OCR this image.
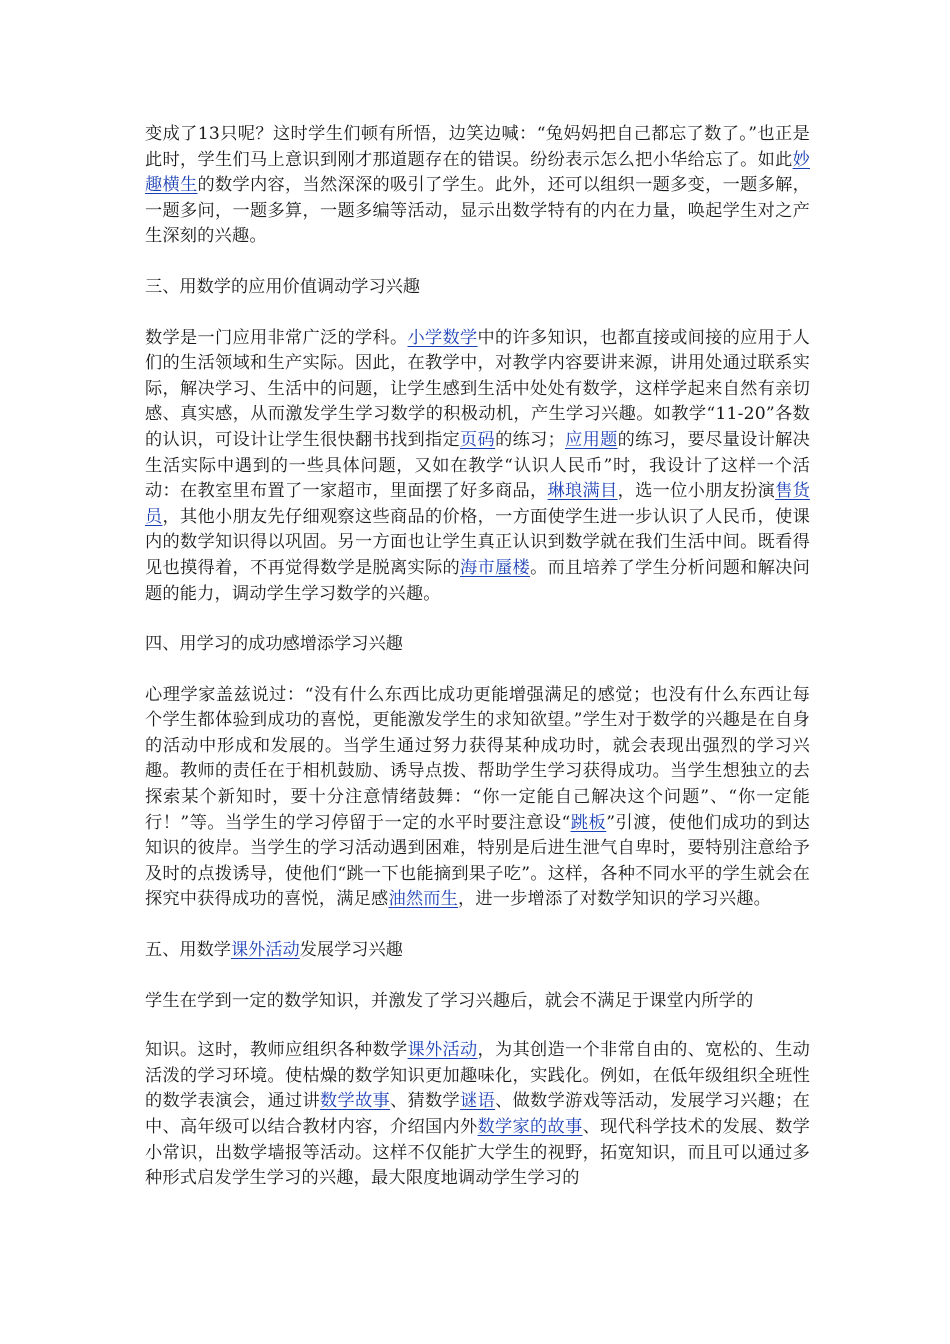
变成了13只呢？这时学生们顿有所悟，边笑边喊：“兔妈妈把自己都忘了数了。”也正是此时，学生们马上意识到刚才那道题存在的错误。纷纷表示怎么把小华给忘了。如此妙趣横生的数学内容，当然深深的吸引了学生。此外，还可以组织一题多变，一题多解，一题多问，一题多算，一题多编等活动，显示出数学特有的内在力量，唤起学生对之产生深刻的兴趣。

三、用数学的应用价值调动学习兴趣

数学是一门应用非常广泛的学科。小学数学中的许多知识，也都直接或间接的应用于人们的生活领域和生产实际。因此，在教学中，对教学内容要讲来源，讲用处通过联系实际，解决学习、生活中的问题，让学生感到生活中处处有数学，这样学起来自然有亲切感、真实感，从而激发学生学习数学的积极动机，产生学习兴趣。如教学“11-20”各数的认识，可设计让学生很快翻书找到指定页码的练习；应用题的练习，要尽量设计解决生活实际中遇到的一些具体问题，又如在教学“认识人民币”时，我设计了这样一个活动：在教室里布置了一家超市，里面摆了好多商品，琳琅满目，选一位小朋友扮演售货员，其他小朋友先仔细观察这些商品的价格，一方面使学生进一步认识了人民币，使课内的数学知识得以巩固。另一方面也让学生真正认识到数学就在我们生活中间。既看得见也摸得着，不再觉得数学是脱离实际的海市蜃楼。而且培养了学生分析问题和解决问题的能力，调动学生学习数学的兴趣。

四、用学习的成功感增添学习兴趣

心理学家盖兹说过：“没有什么东西比成功更能增强满足的感觉；也没有什么东西让每个学生都体验到成功的喜悦，更能激发学生的求知欲望。”学生对于数学的兴趣是在自身的活动中形成和发展的。当学生通过努力获得某种成功时，就会表现出强烈的学习兴趣。教师的责任在于相机鼓励、诱导点拨、帮助学生学习获得成功。当学生想独立的去探索某个新知时，要十分注意情绪鼓舞：“你一定能自己解决这个问题”、“你一定能行！”等。当学生的学习停留于一定的水平时要注意设“跳板”引渡，使他们成功的到达知识的彼岸。当学生的学习活动遇到困难，特别是后进生泄气自卑时，要特别注意给予及时的点拨诱导，使他们“跳一下也能摘到果子吃”。这样，各种不同水平的学生就会在探究中获得成功的喜悦，满足感油然而生，进一步增添了对数学知识的学习兴趣。

五、用数学课外活动发展学习兴趣

学生在学到一定的数学知识，并激发了学习兴趣后，就会不满足于课堂内所学的

知识。这时，教师应组织各种数学课外活动，为其创造一个非常自由的、宽松的、生动活泼的学习环境。使枯燥的数学知识更加趣味化，实践化。例如，在低年级组织全班性的数学表演会，通过讲数学故事、猜数学谜语、做数学游戏等活动，发展学习兴趣；在中、高年级可以结合教材内容，介绍国内外数学家的故事、现代科学技术的发展、数学小常识，出数学墙报等活动。这样不仅能扩大学生的视野，拓宽知识，而且可以通过多种形式启发学生学习的兴趣，最大限度地调动学生学习的
